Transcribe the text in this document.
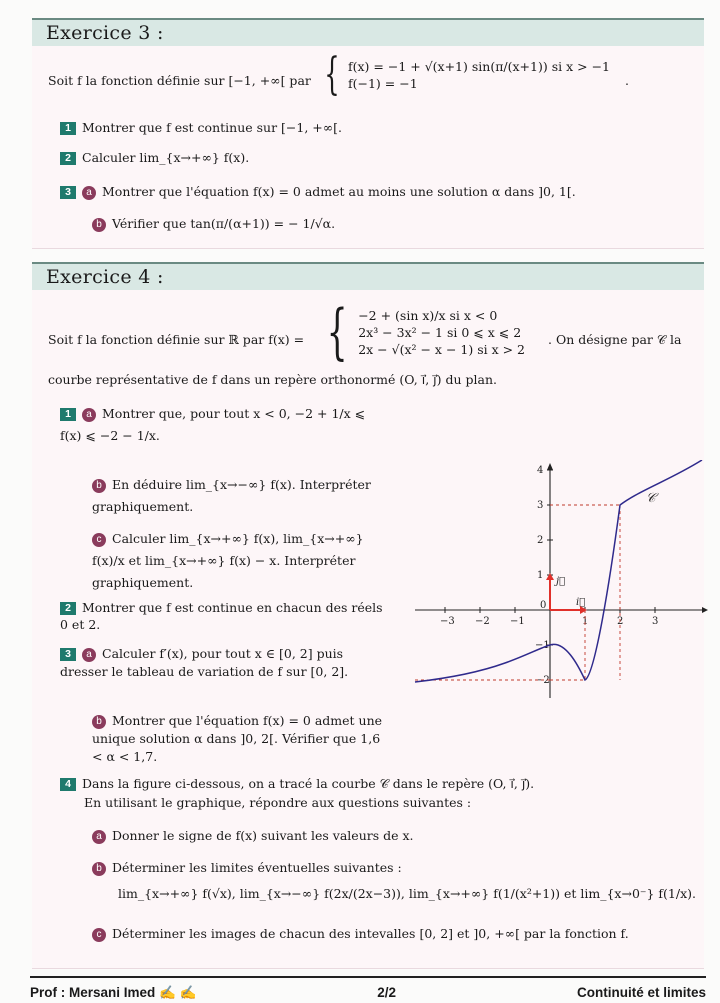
Exercice 3 :
Soit f la fonction définie sur [−1, +∞[ par { f(x) = −1 + √(x+1) sin(π/(x+1)) si x > −1
f(−1) = −1	.
1 Montrer que f est continue sur [−1, +∞[.
2 Calculer lim_{x→+∞} f(x).
3 a Montrer que l'équation f(x) = 0 admet au moins une solution α dans ]0, 1[.
b Vérifier que tan(π/(α+1)) = − 1/√α.
Exercice 4 :
Soit f la fonction définie sur ℝ par f(x) = { −2 + (sin x)/x si x < 0
2x³ − 3x² − 1 si 0 ⩽ x ⩽ 2
2x − √(x² − x − 1) si x > 2
. On désigne par 𝒞 la
courbe représentative de f dans un repère orthonormé (O, i⃗, j⃗) du plan.
1 a Montrer que, pour tout x < 0, −2 + 1/x ⩽ f(x) ⩽ −2 − 1/x.
b En déduire lim_{x→−∞} f(x). Interpréter graphiquement.
c Calculer lim_{x→+∞} f(x), lim_{x→+∞} f(x)/x et lim_{x→+∞} f(x) − x. Interpréter graphiquement.
2 Montrer que f est continue en chacun des réels 0 et 2.
3 a Calculer f′(x), pour tout x ∈ [0, 2] puis dresser le tableau de variation de f sur [0, 2].
b Montrer que l'équation f(x) = 0 admet une unique solution α dans ]0, 2[. Vérifier que 1,6 < α < 1,7.
−3 −2 −1	1	2	3
4
3
2
1
−1
−2
0	i⃗
j⃗
𝒞
4 Dans la figure ci-dessous, on a tracé la courbe 𝒞 dans le repère (O, i⃗, j⃗).
En utilisant le graphique, répondre aux questions suivantes :
a Donner le signe de f(x) suivant les valeurs de x.
b Déterminer les limites éventuelles suivantes :
lim_{x→+∞} f(√x), lim_{x→−∞} f(2x/(2x−3)), lim_{x→+∞} f(1/(x²+1)) et lim_{x→0⁻} f(1/x).
c Déterminer les images de chacun des intevalles [0, 2] et ]0, +∞[ par la fonction f.
Prof : Mersani Imed ✍ ✍	2/2	Continuité et limites
